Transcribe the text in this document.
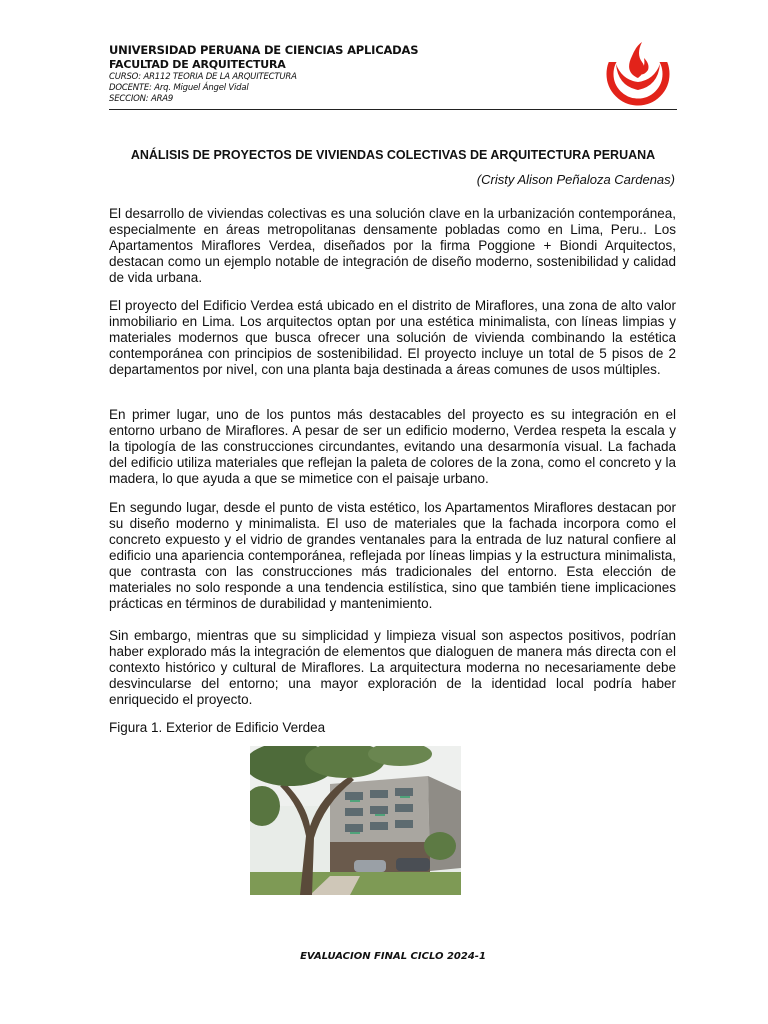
UNIVERSIDAD PERUANA DE CIENCIAS APLICADAS
FACULTAD DE ARQUITECTURA
CURSO: AR112 TEORIA DE LA ARQUITECTURA
DOCENTE: Arq. Miguel Ángel Vidal
SECCION: ARA9
ANÁLISIS DE PROYECTOS DE VIVIENDAS COLECTIVAS DE ARQUITECTURA PERUANA
(Cristy Alison Peñaloza Cardenas)

El desarrollo de viviendas colectivas es una solución clave en la urbanización contemporánea, especialmente en áreas metropolitanas densamente pobladas como en Lima, Peru.. Los Apartamentos Miraflores Verdea, diseñados por la firma Poggione + Biondi Arquitectos, destacan como un ejemplo notable de integración de diseño moderno, sostenibilidad y calidad de vida urbana.

El proyecto del Edificio Verdea está ubicado en el distrito de Miraflores, una zona de alto valor inmobiliario en Lima. Los arquitectos optan por una estética minimalista, con líneas limpias y materiales modernos que busca ofrecer una solución de vivienda combinando la estética contemporánea con principios de sostenibilidad. El proyecto incluye un total de 5 pisos de 2 departamentos por nivel, con una planta baja destinada a áreas comunes de usos múltiples.

En primer lugar, uno de los puntos más destacables del proyecto es su integración en el entorno urbano de Miraflores. A pesar de ser un edificio moderno, Verdea respeta la escala y la tipología de las construcciones circundantes, evitando una desarmonía visual. La fachada del edificio utiliza materiales que reflejan la paleta de colores de la zona, como el concreto y la madera, lo que ayuda a que se mimetice con el paisaje urbano.

En segundo lugar, desde el punto de vista estético, los Apartamentos Miraflores destacan por su diseño moderno y minimalista. El uso de materiales que la fachada incorpora como el concreto expuesto y el vidrio de grandes ventanales para la entrada de luz natural confiere al edificio una apariencia contemporánea, reflejada por líneas limpias y la estructura minimalista, que contrasta con las construcciones más tradicionales del entorno. Esta elección de materiales no solo responde a una tendencia estilística, sino que también tiene implicaciones prácticas en términos de durabilidad y mantenimiento.

Sin embargo, mientras que su simplicidad y limpieza visual son aspectos positivos, podrían haber explorado más la integración de elementos que dialoguen de manera más directa con el contexto histórico y cultural de Miraflores. La arquitectura moderna no necesariamente debe desvincularse del entorno; una mayor exploración de la identidad local podría haber enriquecido el proyecto.

Figura 1. Exterior de Edificio Verdea
EVALUACION FINAL CICLO 2024-1
